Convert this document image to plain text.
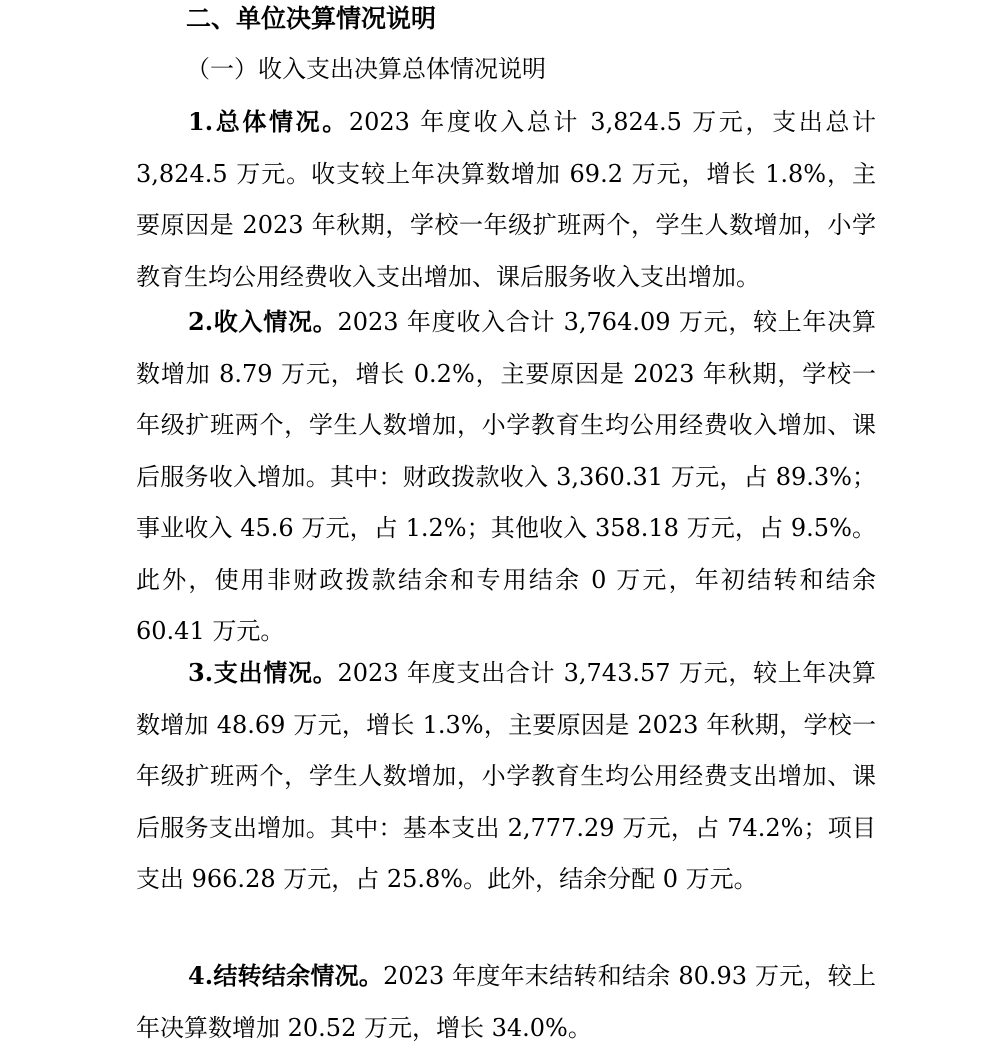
二、单位决算情况说明
（一）收入支出决算总体情况说明

1.总体情况。2023 年度收入总计 3,824.5 万元，支出总计 3,824.5 万元。收支较上年决算数增加 69.2 万元，增长 1.8%，主要原因是 2023 年秋期，学校一年级扩班两个，学生人数增加，小学教育生均公用经费收入支出增加、课后服务收入支出增加。

2.收入情况。2023 年度收入合计 3,764.09 万元，较上年决算数增加 8.79 万元，增长 0.2%，主要原因是 2023 年秋期，学校一年级扩班两个，学生人数增加，小学教育生均公用经费收入增加、课后服务收入增加。其中：财政拨款收入 3,360.31 万元，占 89.3%；事业收入 45.6 万元，占 1.2%；其他收入 358.18 万元，占 9.5%。此外，使用非财政拨款结余和专用结余 0 万元，年初结转和结余 60.41 万元。

3.支出情况。2023 年度支出合计 3,743.57 万元，较上年决算数增加 48.69 万元，增长 1.3%，主要原因是 2023 年秋期，学校一年级扩班两个，学生人数增加，小学教育生均公用经费支出增加、课后服务支出增加。其中：基本支出 2,777.29 万元，占 74.2%；项目支出 966.28 万元，占 25.8%。此外，结余分配 0 万元。

4.结转结余情况。2023 年度年末结转和结余 80.93 万元，较上年决算数增加 20.52 万元，增长 34.0%。
